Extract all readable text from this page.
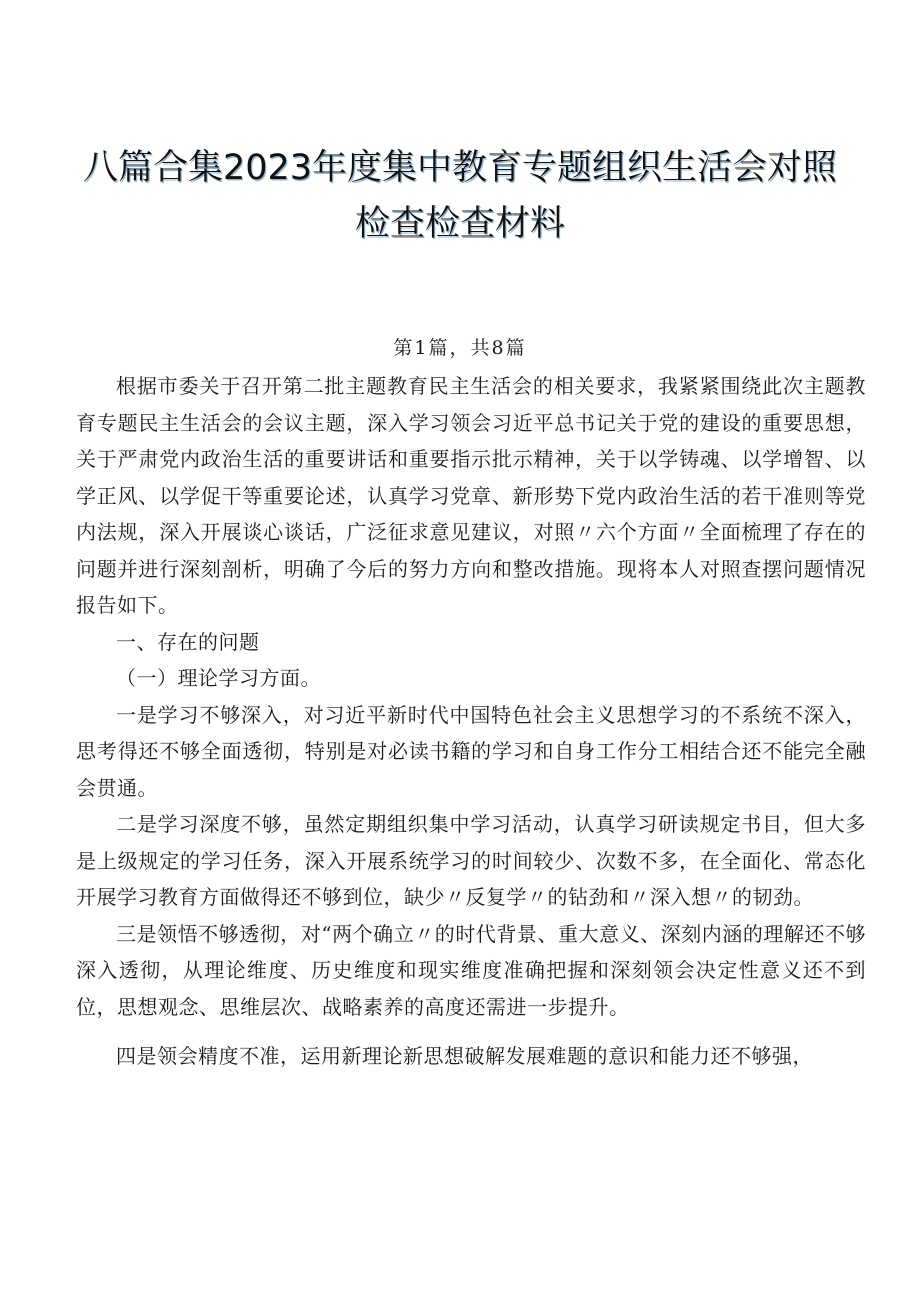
八篇合集2023年度集中教育专题组织生活会对照
检查检查材料
第1篇，共8篇

根据市委关于召开第二批主题教育民主生活会的相关要求，我紧紧围绕此次主题教育专题民主生活会的会议主题，深入学习领会习近平总书记关于党的建设的重要思想，关于严肃党内政治生活的重要讲话和重要指示批示精神，关于以学铸魂、以学增智、以学正风、以学促干等重要论述，认真学习党章、新形势下党内政治生活的若干准则等党内法规，深入开展谈心谈话，广泛征求意见建议，对照〃六个方面〃全面梳理了存在的问题并进行深刻剖析，明确了今后的努力方向和整改措施。现将本人对照查摆问题情况报告如下。

一、存在的问题

（一）理论学习方面。

一是学习不够深入，对习近平新时代中国特色社会主义思想学习的不系统不深入，思考得还不够全面透彻，特别是对必读书籍的学习和自身工作分工相结合还不能完全融会贯通。

二是学习深度不够，虽然定期组织集中学习活动，认真学习研读规定书目，但大多是上级规定的学习任务，深入开展系统学习的时间较少、次数不多，在全面化、常态化开展学习教育方面做得还不够到位，缺少〃反复学〃的钻劲和〃深入想〃的韧劲。

三是领悟不够透彻，对“两个确立〃的时代背景、重大意义、深刻内涵的理解还不够深入透彻，从理论维度、历史维度和现实维度准确把握和深刻领会决定性意义还不到位，思想观念、思维层次、战略素养的高度还需进一步提升。

四是领会精度不准，运用新理论新思想破解发展难题的意识和能力还不够强，
